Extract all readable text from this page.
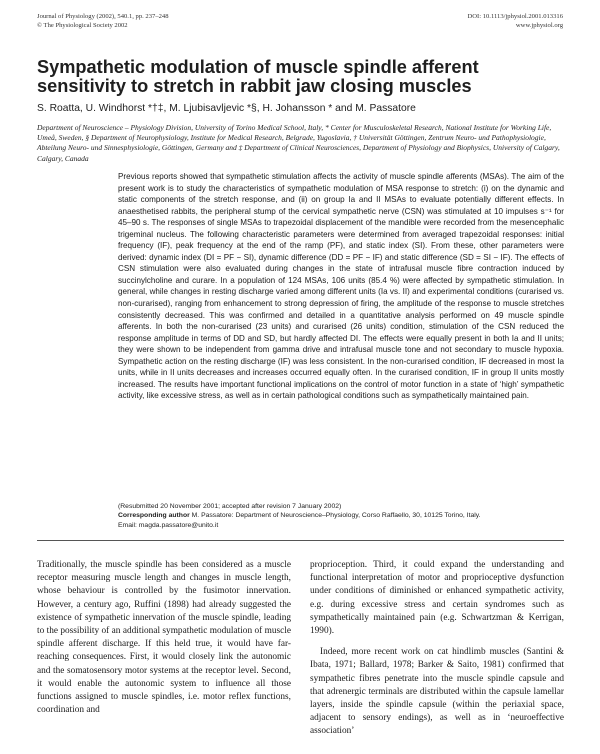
Journal of Physiology (2002), 540.1, pp. 237–248
© The Physiological Society 2002
DOI: 10.1113/jphysiol.2001.013316
www.jphysiol.org
Sympathetic modulation of muscle spindle afferent sensitivity to stretch in rabbit jaw closing muscles
S. Roatta, U. Windhorst *†‡, M. Ljubisavljevic *§, H. Johansson * and M. Passatore
Department of Neuroscience – Physiology Division, University of Torino Medical School, Italy, * Center for Musculoskeletal Research, National Institute for Working Life, Umeå, Sweden, § Department of Neurophysiology, Institute for Medical Research, Belgrade, Yugoslavia, † Universität Göttingen, Zentrum Neuro- und Pathophysiologie, Abteilung Neuro- und Sinnesphysiologie, Göttingen, Germany and ‡ Department of Clinical Neurosciences, Department of Physiology and Biophysics, University of Calgary, Calgary, Canada

Previous reports showed that sympathetic stimulation affects the activity of muscle spindle afferents (MSAs). The aim of the present work is to study the characteristics of sympathetic modulation of MSA response to stretch: (i) on the dynamic and static components of the stretch response, and (ii) on group Ia and II MSAs to evaluate potentially different effects. In anaesthetised rabbits, the peripheral stump of the cervical sympathetic nerve (CSN) was stimulated at 10 impulses s⁻¹ for 45–90 s. The responses of single MSAs to trapezoidal displacement of the mandible were recorded from the mesencephalic trigeminal nucleus. The following characteristic parameters were determined from averaged trapezoidal responses: initial frequency (IF), peak frequency at the end of the ramp (PF), and static index (SI). From these, other parameters were derived: dynamic index (DI = PF − SI), dynamic difference (DD = PF − IF) and static difference (SD = SI − IF). The effects of CSN stimulation were also evaluated during changes in the state of intrafusal muscle fibre contraction induced by succinylcholine and curare. In a population of 124 MSAs, 106 units (85.4 %) were affected by sympathetic stimulation. In general, while changes in resting discharge varied among different units (Ia vs. II) and experimental conditions (curarised vs. non-curarised), ranging from enhancement to strong depression of firing, the amplitude of the response to muscle stretches consistently decreased. This was confirmed and detailed in a quantitative analysis performed on 49 muscle spindle afferents. In both the non-curarised (23 units) and curarised (26 units) condition, stimulation of the CSN reduced the response amplitude in terms of DD and SD, but hardly affected DI. The effects were equally present in both Ia and II units; they were shown to be independent from gamma drive and intrafusal muscle tone and not secondary to muscle hypoxia. Sympathetic action on the resting discharge (IF) was less consistent. In the non-curarised condition, IF decreased in most Ia units, while in II units decreases and increases occurred equally often. In the curarised condition, IF in group II units mostly increased. The results have important functional implications on the control of motor function in a state of ‘high’ sympathetic activity, like excessive stress, as well as in certain pathological conditions such as sympathetically maintained pain.

(Resubmitted 20 November 2001; accepted after revision 7 January 2002)
Corresponding author M. Passatore: Department of Neuroscience–Physiology, Corso Raffaello, 30, 10125 Torino, Italy.
Email: magda.passatore@unito.it

Traditionally, the muscle spindle has been considered as a muscle receptor measuring muscle length and changes in muscle length, whose behaviour is controlled by the fusimotor innervation. However, a century ago, Ruffini (1898) had already suggested the existence of sympathetic innervation of the muscle spindle, leading to the possibility of an additional sympathetic modulation of muscle spindle afferent discharge. If this held true, it would have far-reaching consequences. First, it would closely link the autonomic and the somatosensory motor systems at the receptor level. Second, it would enable the autonomic system to influence all those functions assigned to muscle spindles, i.e. motor reflex functions, coordination and

proprioception. Third, it could expand the understanding and functional interpretation of motor and proprioceptive dysfunction under conditions of diminished or enhanced sympathetic activity, e.g. during excessive stress and certain syndromes such as sympathetically maintained pain (e.g. Schwartzman & Kerrigan, 1990).

Indeed, more recent work on cat hindlimb muscles (Santini & Ibata, 1971; Ballard, 1978; Barker & Saito, 1981) confirmed that sympathetic fibres penetrate into the muscle spindle capsule and that adrenergic terminals are distributed within the capsule lamellar layers, inside the spindle capsule (within the periaxial space, adjacent to sensory endings), as well as in ‘neuroeffective association’
